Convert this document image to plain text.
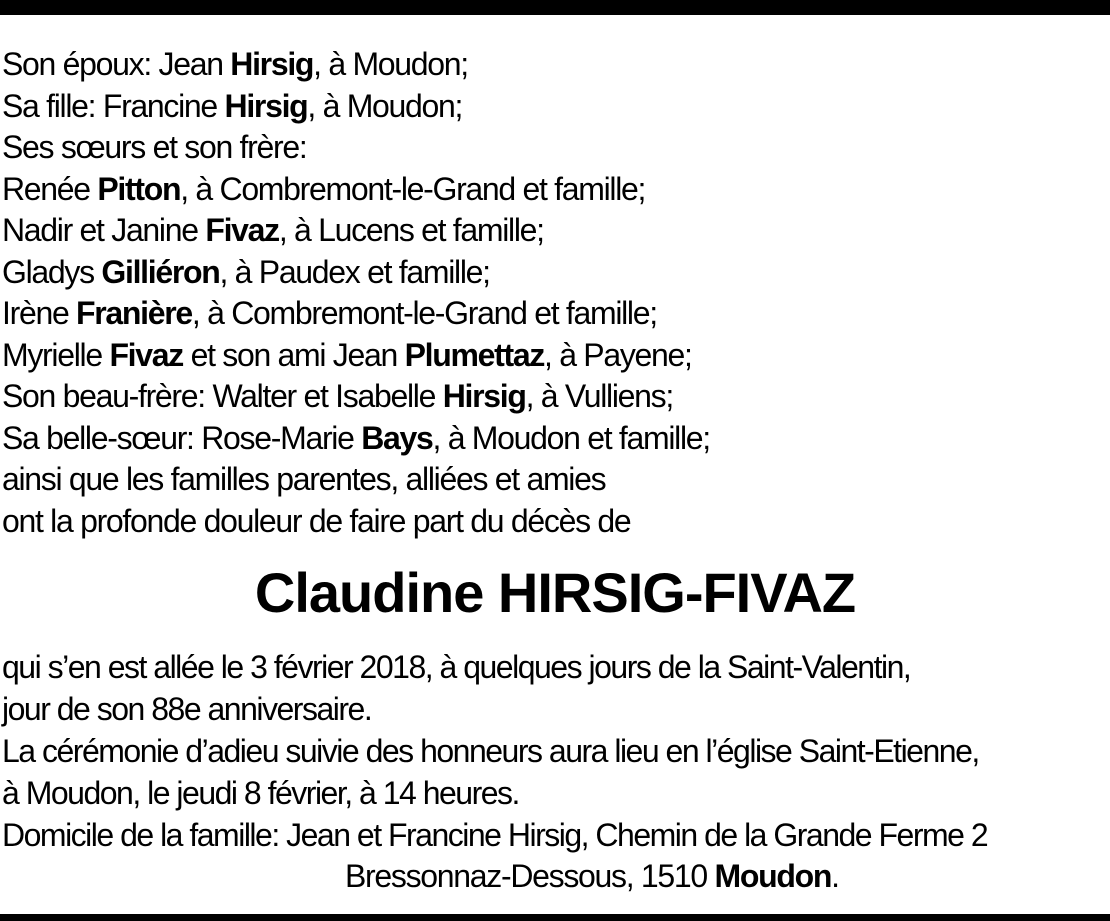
Son époux: Jean Hirsig, à Moudon;
Sa fille: Francine Hirsig, à Moudon;
Ses sœurs et son frère:
Renée Pitton, à Combremont-le-Grand et famille;
Nadir et Janine Fivaz, à Lucens et famille;
Gladys Gilliéron, à Paudex et famille;
Irène Franière, à Combremont-le-Grand et famille;
Myrielle Fivaz et son ami Jean Plumettaz, à Payene;
Son beau-frère: Walter et Isabelle Hirsig, à Vulliens;
Sa belle-sœur: Rose-Marie Bays, à Moudon et famille;
ainsi que les familles parentes, alliées et amies
ont la profonde douleur de faire part du décès de
Claudine HIRSIG-FIVAZ
qui s’en est allée le 3 février 2018, à quelques jours de la Saint-Valentin,
jour de son 88e anniversaire.
La cérémonie d’adieu suivie des honneurs aura lieu en l’église Saint-Etienne,
à Moudon, le jeudi 8 février, à 14 heures.
Domicile de la famille: Jean et Francine Hirsig, Chemin de la Grande Ferme 2
Bressonnaz-Dessous, 1510 Moudon.
